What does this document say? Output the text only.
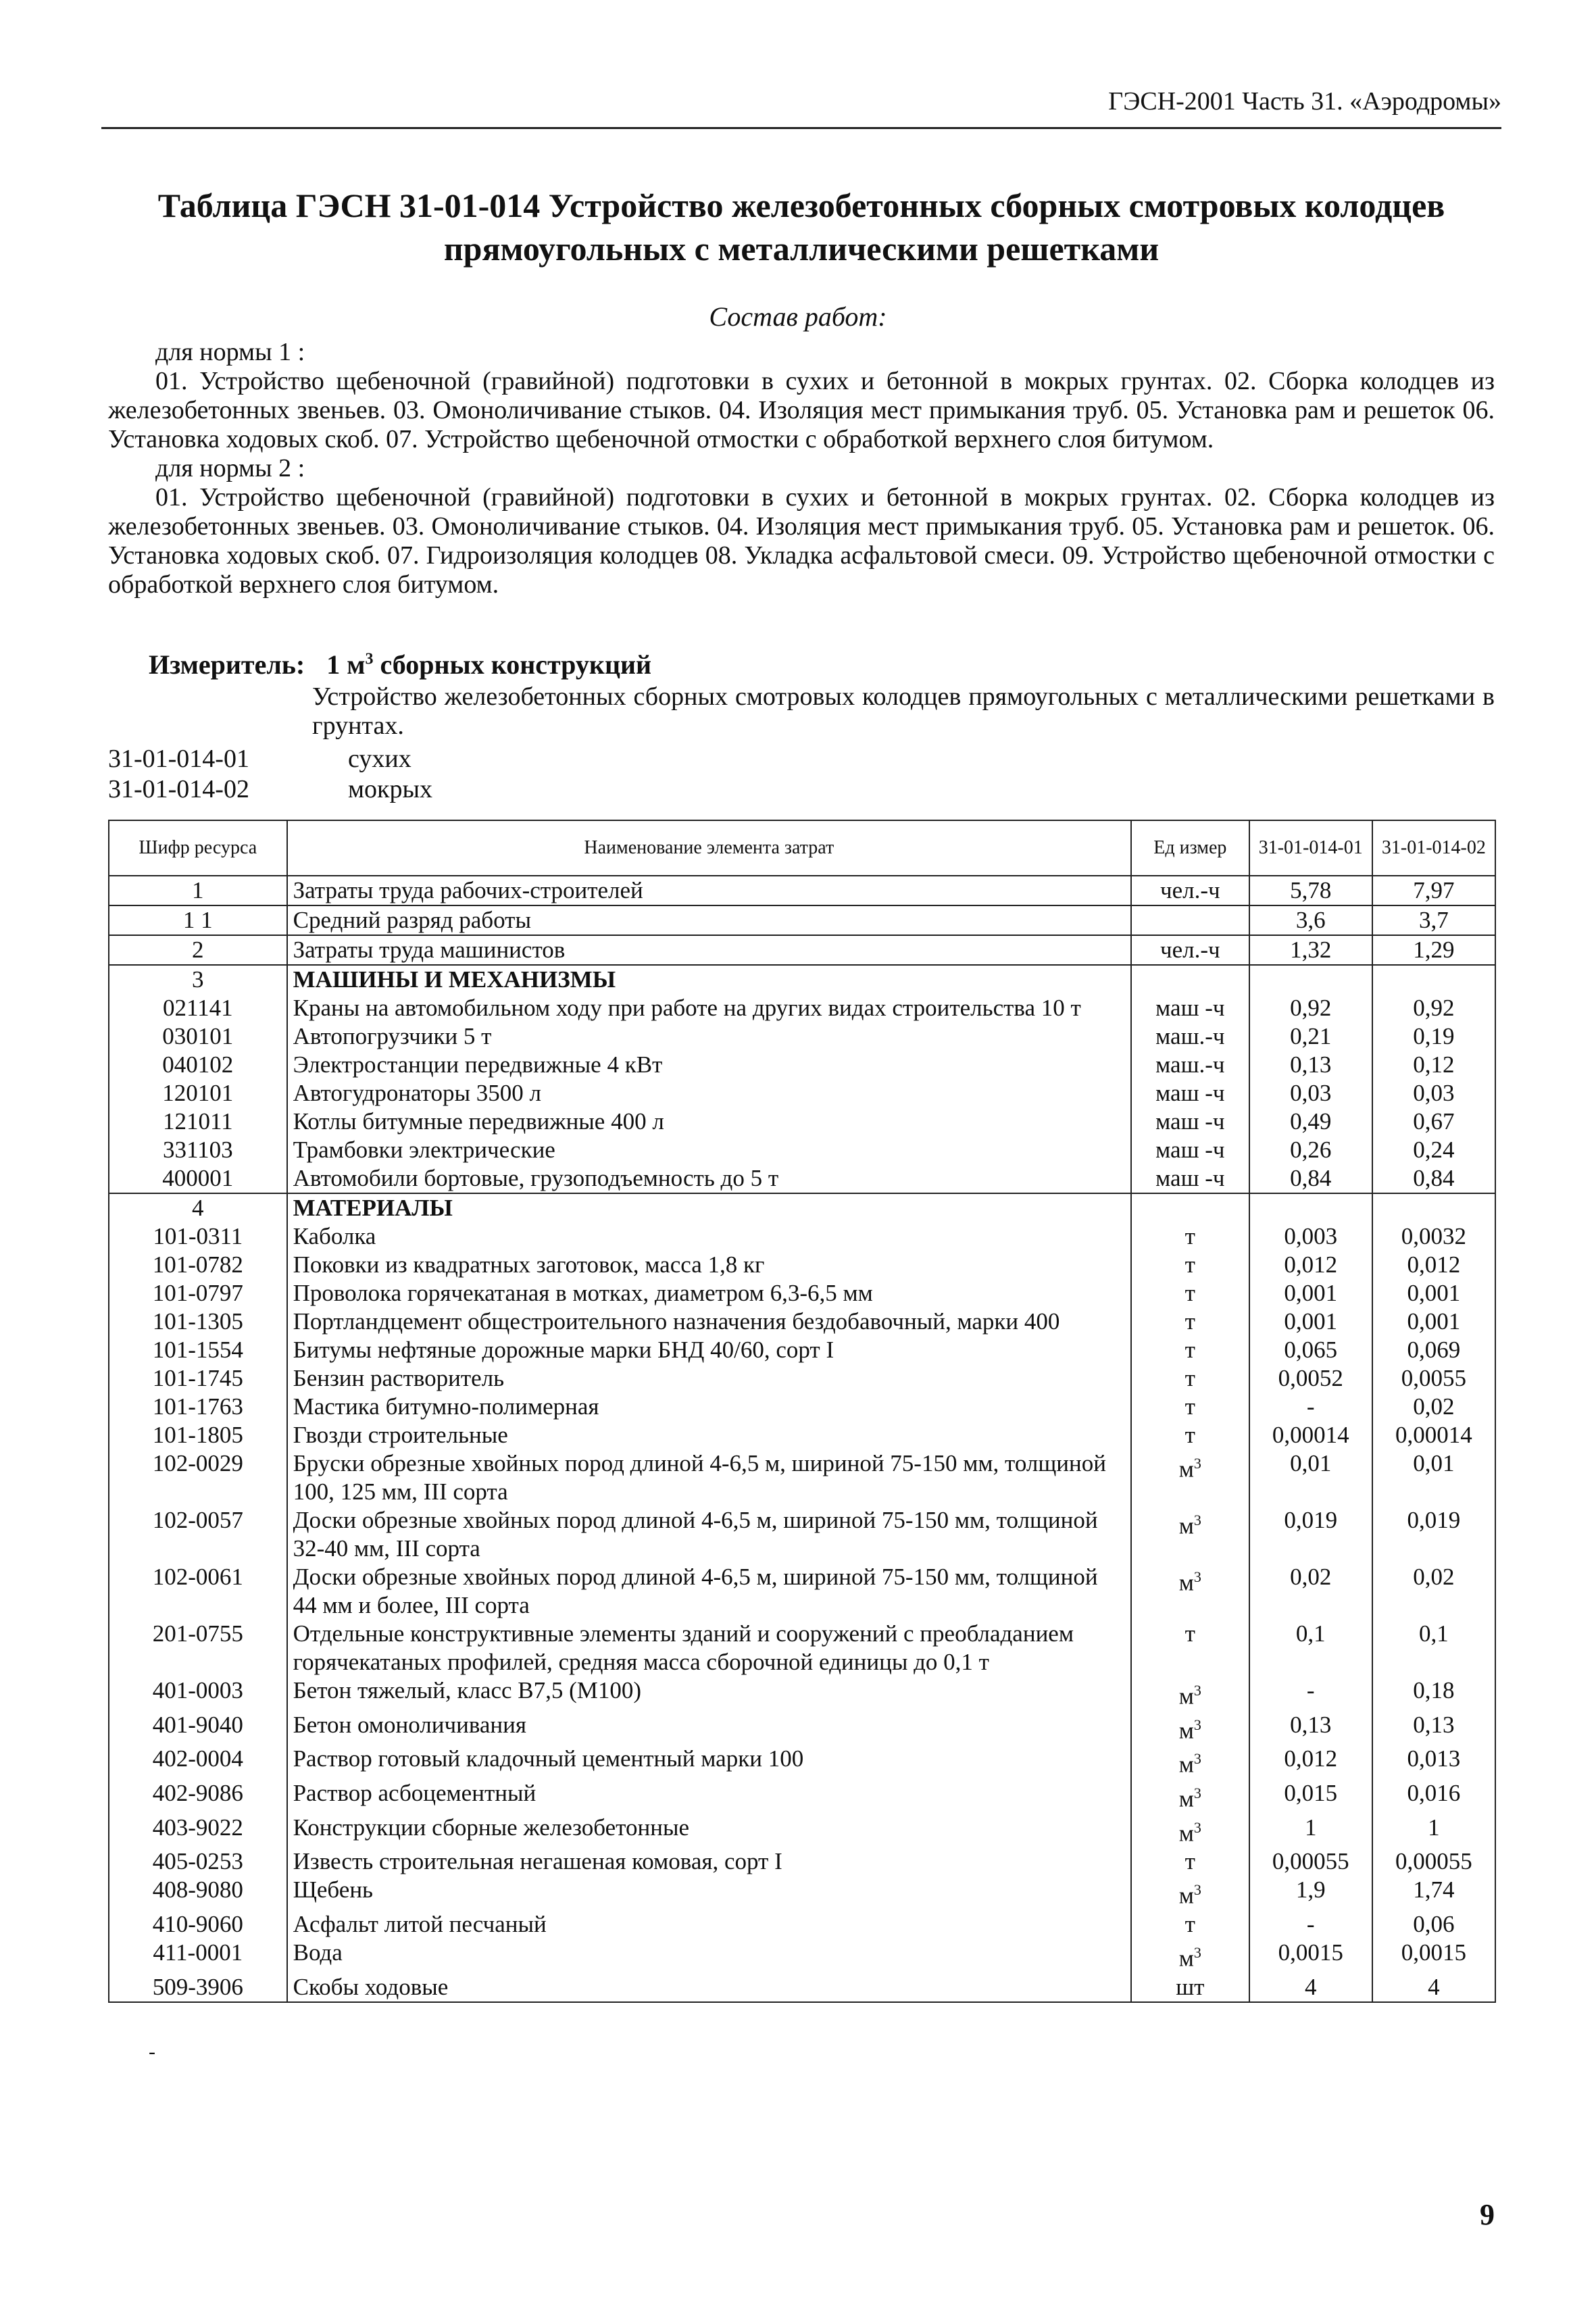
ГЭСН-2001 Часть 31. «Аэродромы»
Таблица ГЭСН 31-01-014 Устройство железобетонных сборных смотровых колодцев прямоугольных с металлическими решетками
Состав работ:

для нормы 1 :

01. Устройство щебеночной (гравийной) подготовки в сухих и бетонной в мокрых грунтах. 02. Сборка колодцев из железобетонных звеньев. 03. Омоноличивание стыков. 04. Изоляция мест примыкания труб. 05. Установка рам и решеток 06. Установка ходовых скоб. 07. Устройство щебеночной отмостки с обработкой верхнего слоя битумом.

для нормы 2 :

01. Устройство щебеночной (гравийной) подготовки в сухих и бетонной в мокрых грунтах. 02. Сборка колодцев из железобетонных звеньев. 03. Омоноличивание стыков. 04. Изоляция мест примыкания труб. 05. Установка рам и решеток. 06. Установка ходовых скоб. 07. Гидроизоляция колодцев 08. Укладка асфальтовой смеси. 09. Устройство щебеночной отмостки с обработкой верхнего слоя битумом.

Измеритель: 1 $м^3$ сборных конструкций
Устройство железобетонных сборных смотровых колодцев прямоугольных с металлическими решетками в грунтах.
31-01-014-01	сухих
31-01-014-02	мокрых
Шифр ресурса	Наименование элемента затрат	Ед измер	31-01-014-01	31-01-014-02
1	Затраты труда рабочих-строителей	чел.-ч	5,78	7,97
1 1	Средний разряд работы		3,6	3,7
2	Затраты труда машинистов	чел.-ч	1,32	1,29
3	МАШИНЫ И МЕХАНИЗМЫ			
021141	Краны на автомобильном ходу при работе на других видах строительства 10 т	маш -ч	0,92	0,92
030101	Автопогрузчики 5 т	маш.-ч	0,21	0,19
040102	Электростанции передвижные 4 кВт	маш.-ч	0,13	0,12
120101	Автогудронаторы 3500 л	маш -ч	0,03	0,03
121011	Котлы битумные передвижные 400 л	маш -ч	0,49	0,67
331103	Трамбовки электрические	маш -ч	0,26	0,24
400001	Автомобили бортовые, грузоподъемность до 5 т	маш -ч	0,84	0,84
4	МАТЕРИАЛЫ			
101-0311	Каболка	т	0,003	0,0032
101-0782	Поковки из квадратных заготовок, масса 1,8 кг	т	0,012	0,012
101-0797	Проволока горячекатаная в мотках, диаметром 6,3-6,5 мм	т	0,001	0,001
101-1305	Портландцемент общестроительного назначения бездобавочный, марки 400	т	0,001	0,001
101-1554	Битумы нефтяные дорожные марки БНД 40/60, сорт I	т	0,065	0,069
101-1745	Бензин растворитель	т	0,0052	0,0055
101-1763	Мастика битумно-полимерная	т	-	0,02
101-1805	Гвозди строительные	т	0,00014	0,00014
102-0029	Бруски обрезные хвойных пород длиной 4-6,5 м, шириной 75-150 мм, толщиной 100, 125 мм, III сорта	$м^3$	0,01	0,01
102-0057	Доски обрезные хвойных пород длиной 4-6,5 м, шириной 75-150 мм, толщиной 32-40 мм, III сорта	$м^3$	0,019	0,019
102-0061	Доски обрезные хвойных пород длиной 4-6,5 м, шириной 75-150 мм, толщиной 44 мм и более, III сорта	$м^3$	0,02	0,02
201-0755	Отдельные конструктивные элементы зданий и сооружений с преобладанием горячекатаных профилей, средняя масса сборочной единицы до 0,1 т	т	0,1	0,1
401-0003	Бетон тяжелый, класс В7,5 (М100)	$м^3$	-	0,18
401-9040	Бетон омоноличивания	$м^3$	0,13	0,13
402-0004	Раствор готовый кладочный цементный марки 100	$м^3$	0,012	0,013
402-9086	Раствор асбоцементный	$м^3$	0,015	0,016
403-9022	Конструкции сборные железобетонные	$м^3$	1	1
405-0253	Известь строительная негашеная комовая, сорт I	т	0,00055	0,00055
408-9080	Щебень	$м^3$	1,9	1,74
410-9060	Асфальт литой песчаный	т	-	0,06
411-0001	Вода	$м^3$	0,0015	0,0015
509-3906	Скобы ходовые	шт	4	4
-
9
